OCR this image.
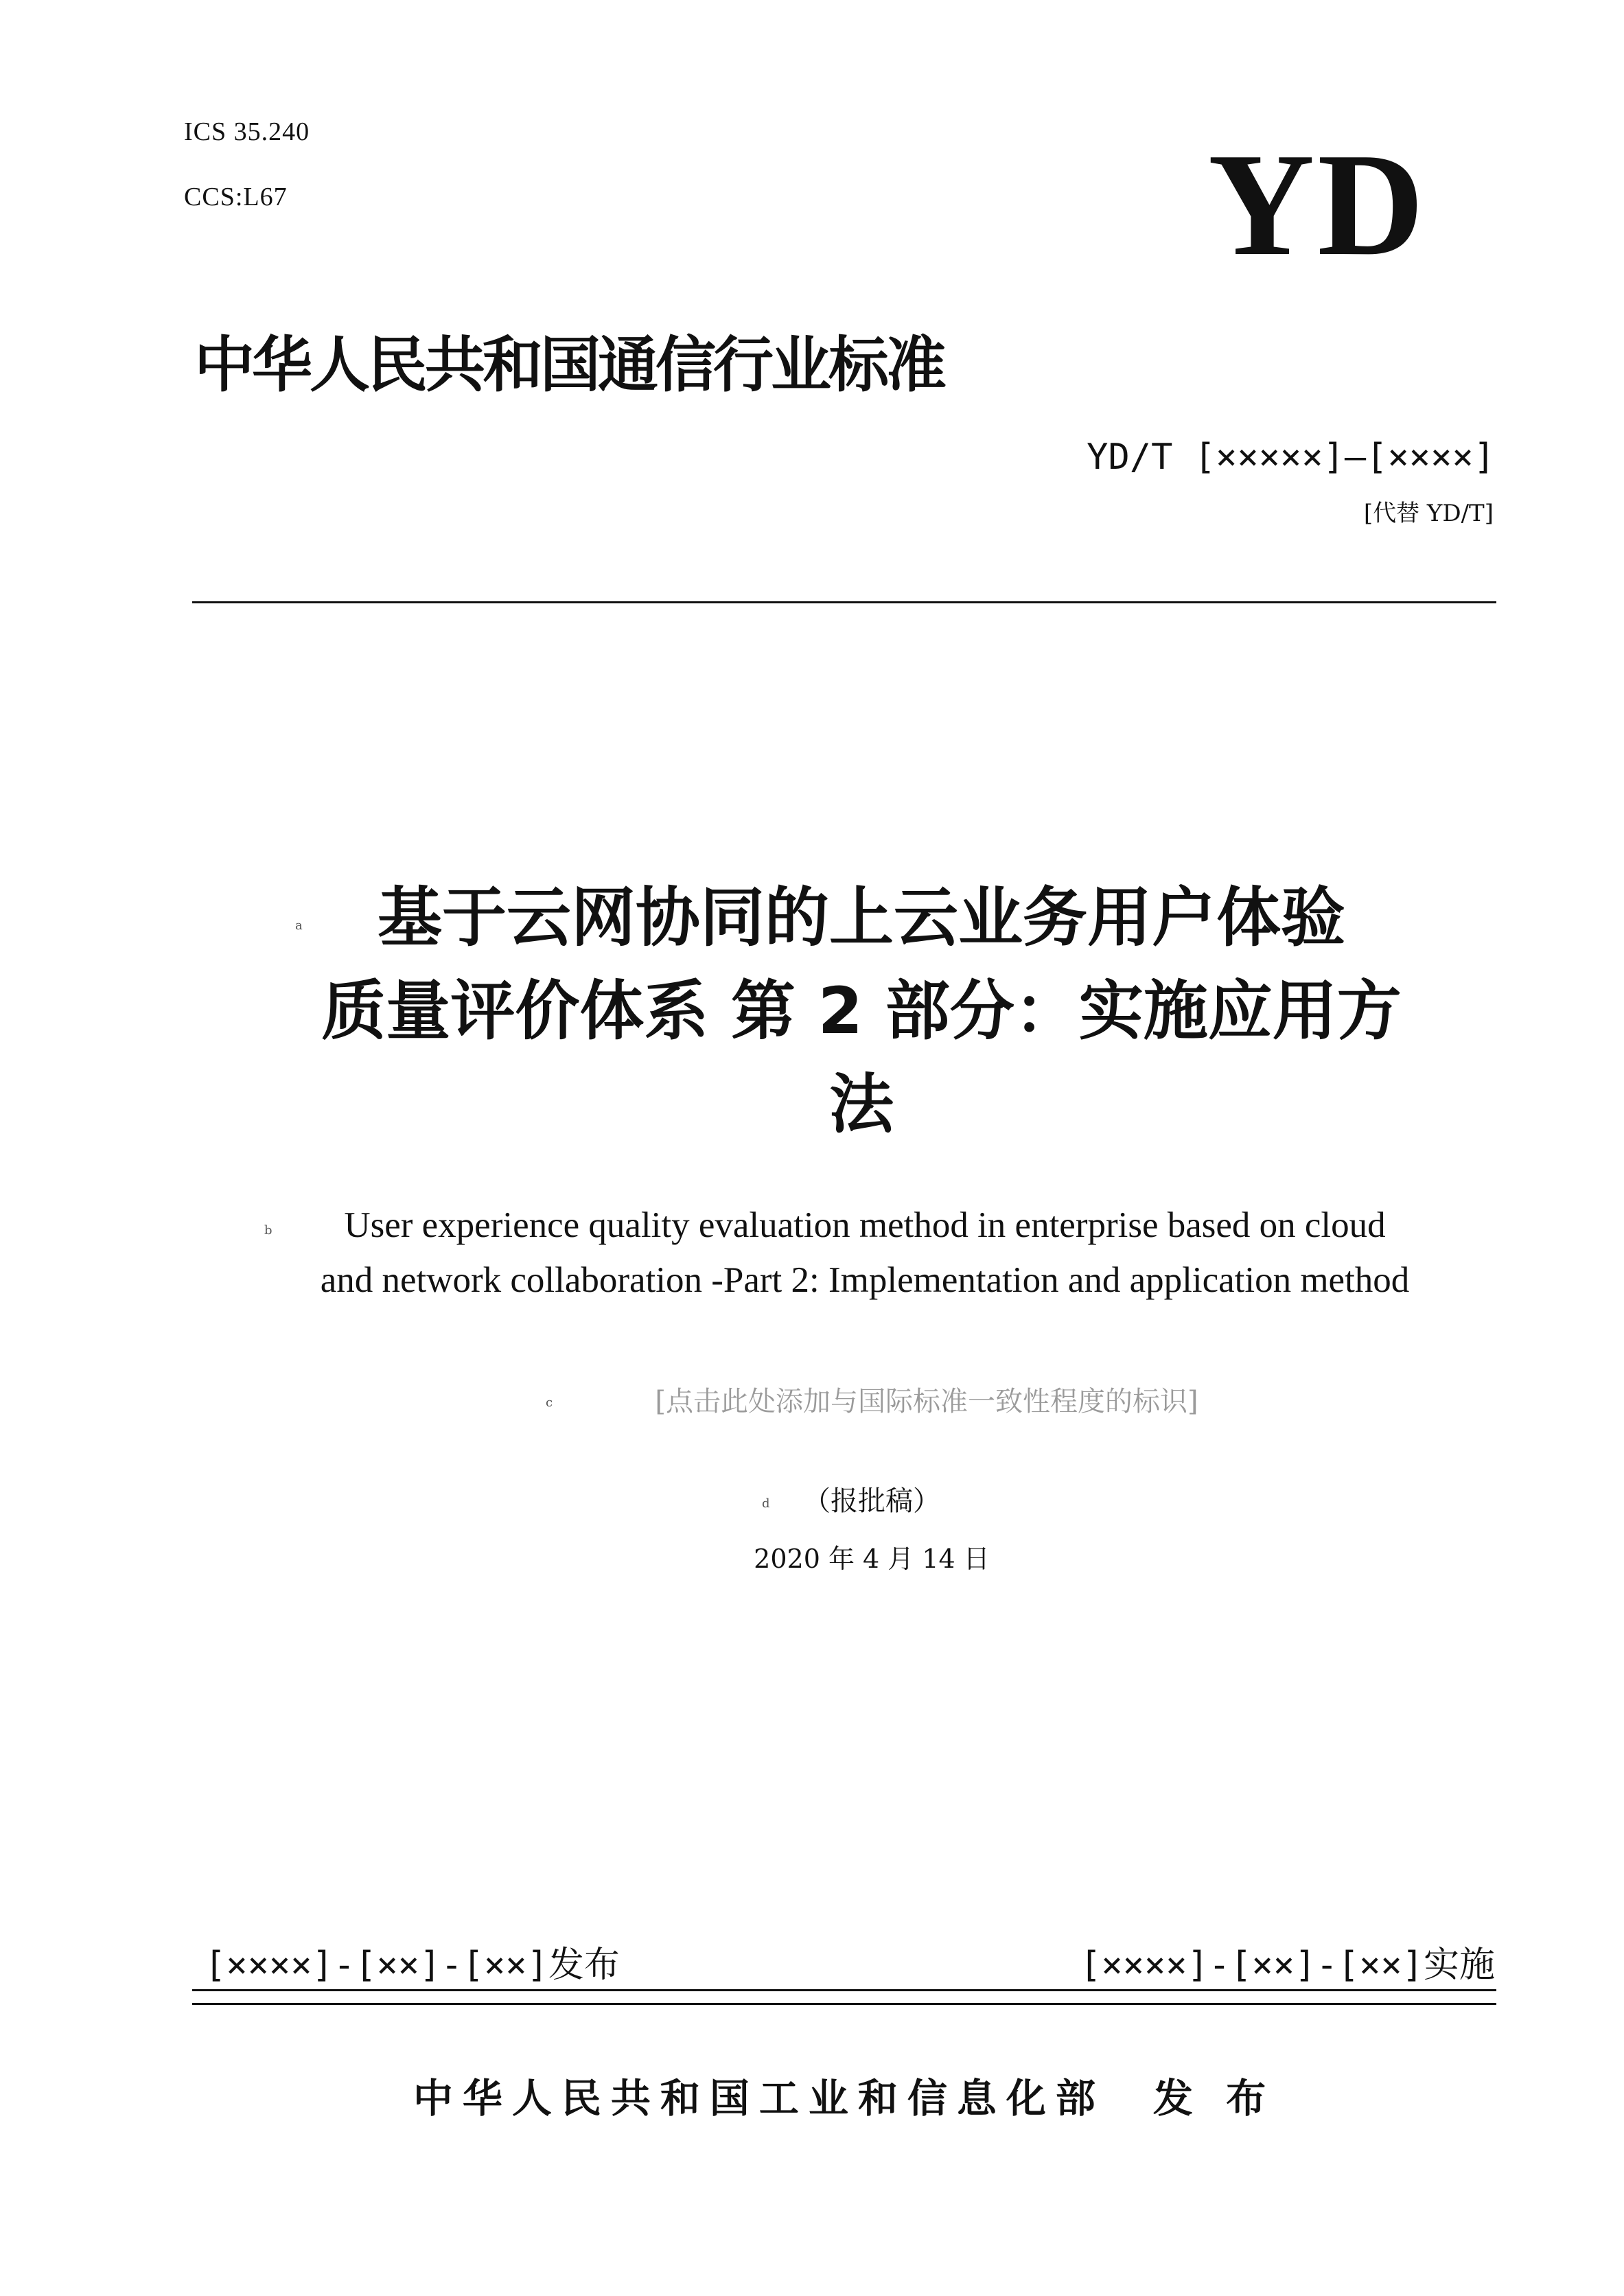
ICS 35.240
CCS:L67	YD
中华人民共和国通信行业标准
YD/T [×××××]—[××××]
[代替 YD/T]
a	基于云网协同的上云业务用户体验
质量评价体系 第 2 部分：实施应用方
法
b	User experience quality evaluation method in enterprise based on cloud
and network collaboration -Part 2: Implementation and application method
c	[点击此处添加与国际标准一致性程度的标识]
d	（报批稿）
2020 年 4 月 14 日
[××××]-[××]-[××]发布	[××××]-[××]-[××]实施
中华人民共和国工业和信息化部 发 布
